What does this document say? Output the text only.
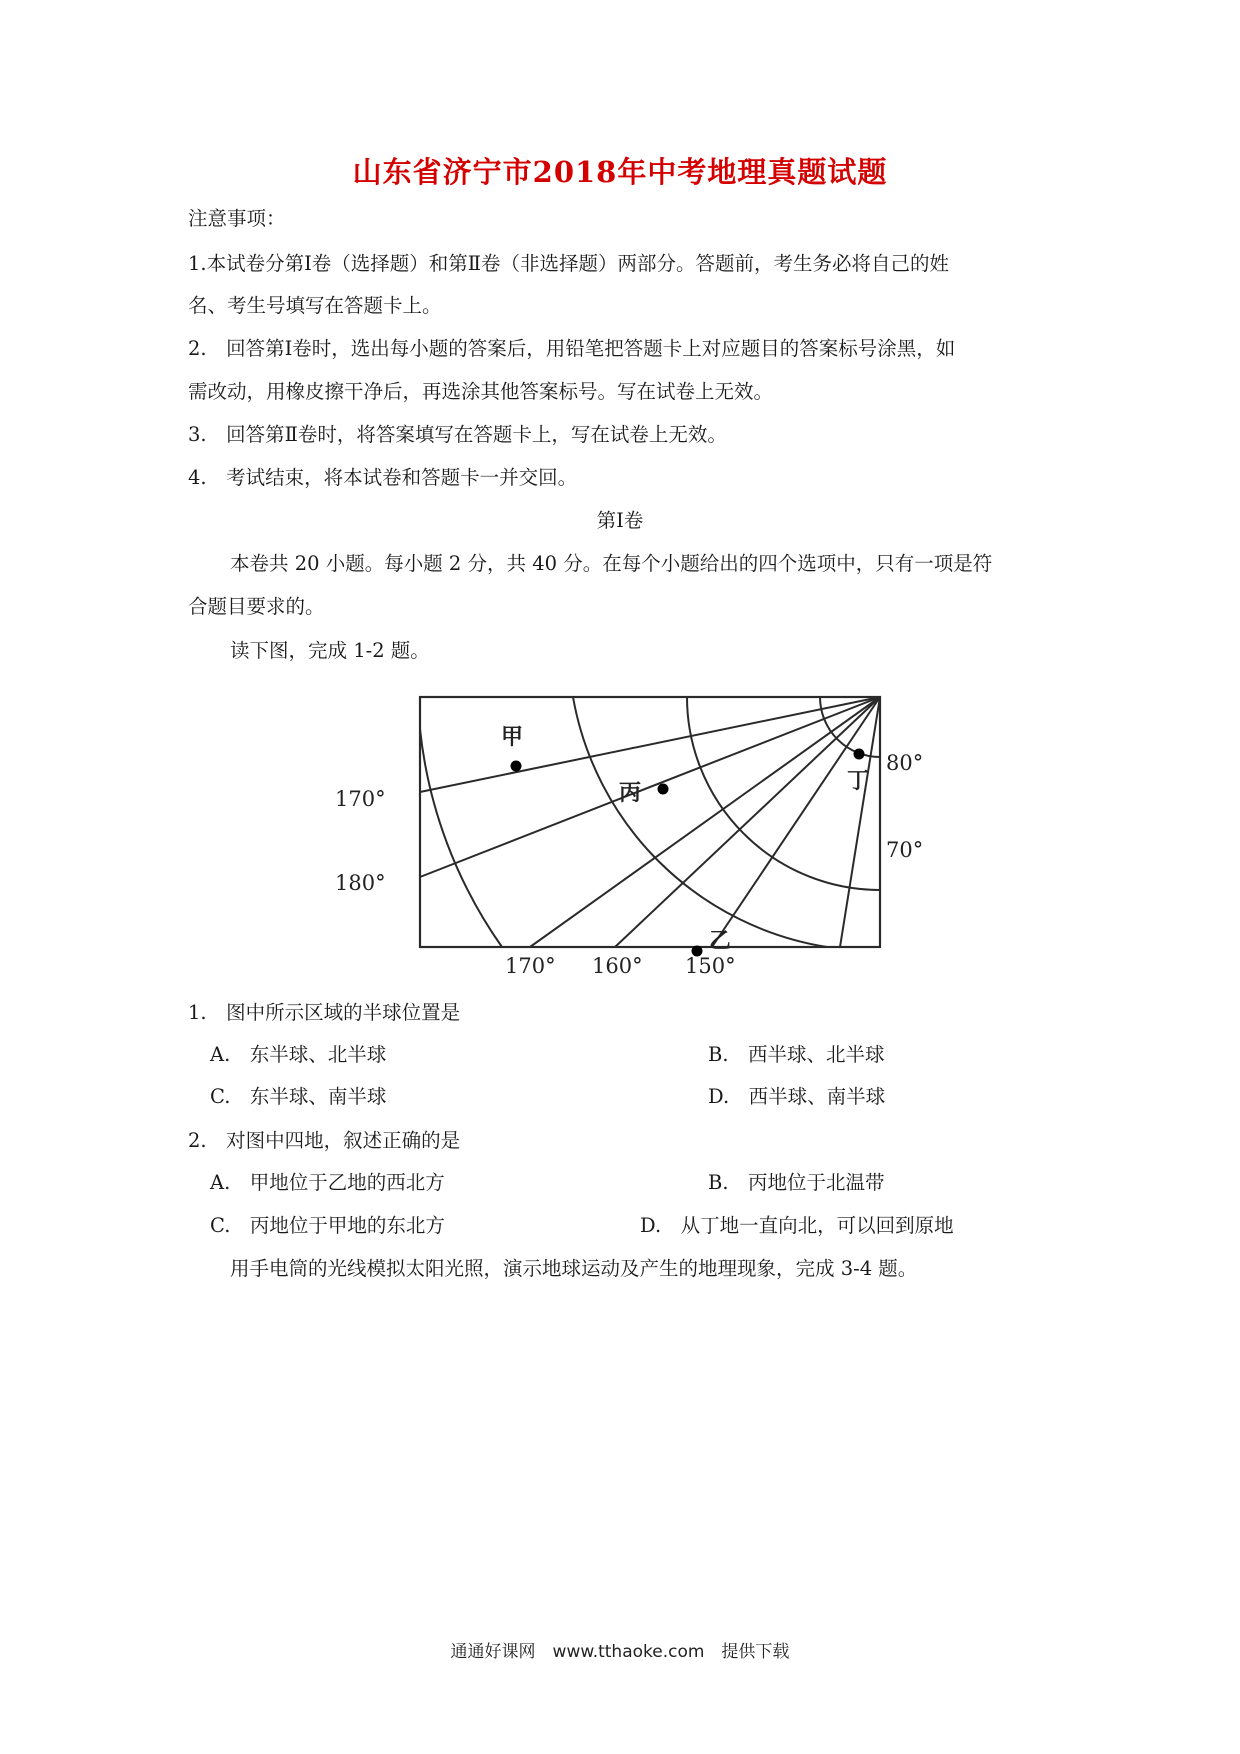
山东省济宁市2018年中考地理真题试题
注意事项：
1.本试卷分第Ⅰ卷（选择题）和第Ⅱ卷（非选择题）两部分。答题前，考生务必将自己的姓
名、考生号填写在答题卡上。
2.　回答第Ⅰ卷时，选出每小题的答案后，用铅笔把答题卡上对应题目的答案标号涂黑，如
需改动，用橡皮擦干净后，再选涂其他答案标号。写在试卷上无效。
3.　回答第Ⅱ卷时，将答案填写在答题卡上，写在试卷上无效。
4.　考试结束，将本试卷和答题卡一并交回。
第Ⅰ卷
本卷共 20 小题。每小题 2 分，共 40 分。在每个小题给出的四个选项中，只有一项是符
合题目要求的。
读下图，完成 1-2 题。
甲
丙	丁
乙
170°
180°
170° 160° 150°
80°
70°
1.　图中所示区域的半球位置是
A.　东半球、北半球	B.　西半球、北半球
C.　东半球、南半球	D.　西半球、南半球
2.　对图中四地，叙述正确的是
A.　甲地位于乙地的西北方	B.　丙地位于北温带
C.　丙地位于甲地的东北方	D.　从丁地一直向北，可以回到原地
用手电筒的光线模拟太阳光照，演示地球运动及产生的地理现象，完成 3-4 题。
通通好课网　www.tthaoke.com　提供下载
